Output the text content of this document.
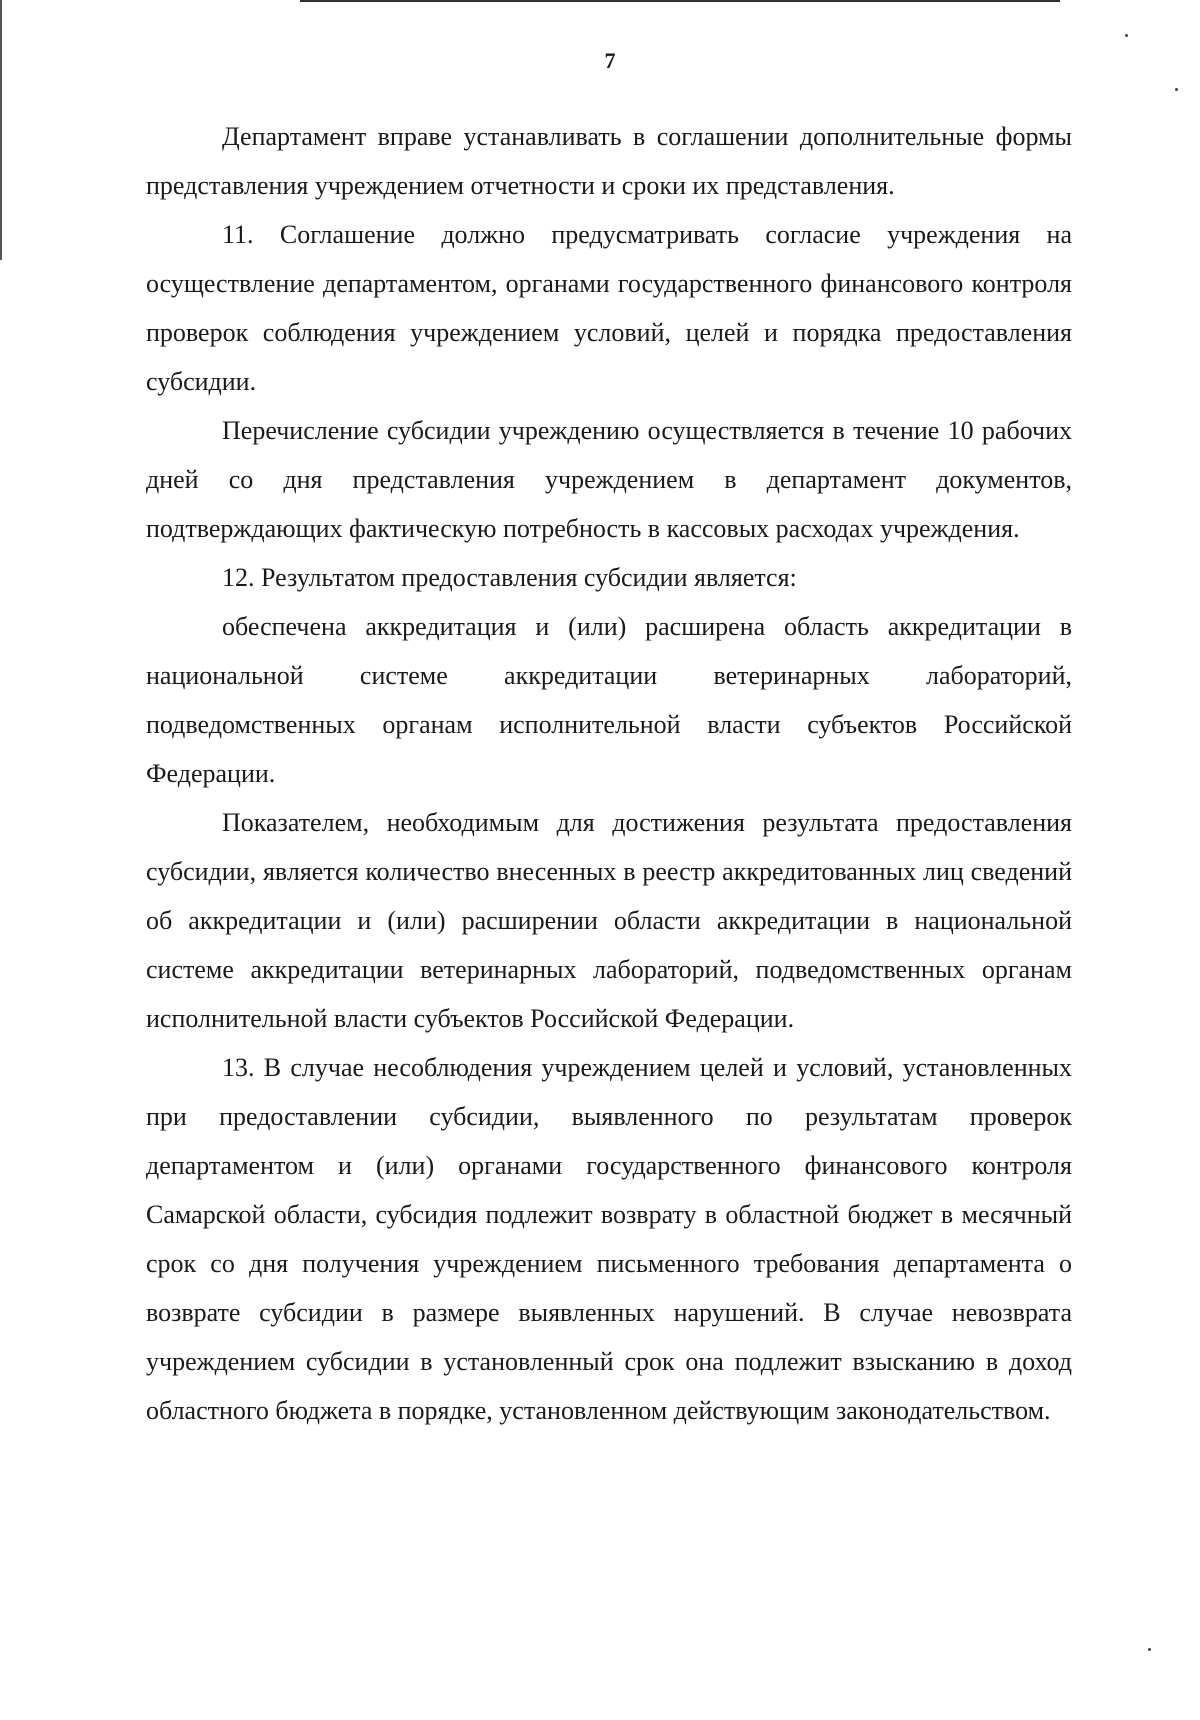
7

Департамент вправе устанавливать в соглашении дополнительные формы представления учреждением отчетности и сроки их представления.

11. Соглашение должно предусматривать согласие учреждения на осуществление департаментом, органами государственного финансового контроля проверок соблюдения учреждением условий, целей и порядка предоставления субсидии.

Перечисление субсидии учреждению осуществляется в течение 10 рабочих дней со дня представления учреждением в департамент документов, подтверждающих фактическую потребность в кассовых расходах учреждения.

12. Результатом предоставления субсидии является:

обеспечена аккредитация и (или) расширена область аккредитации в национальной системе аккредитации ветеринарных лабораторий, подведомственных органам исполнительной власти субъектов Российской Федерации.

Показателем, необходимым для достижения результата предоставления субсидии, является количество внесенных в реестр аккредитованных лиц сведений об аккредитации и (или) расширении области аккредитации в национальной системе аккредитации ветеринарных лабораторий, подведомственных органам исполнительной власти субъектов Российской Федерации.

13. В случае несоблюдения учреждением целей и условий, установленных при предоставлении субсидии, выявленного по результатам проверок департаментом и (или) органами государственного финансового контроля Самарской области, субсидия подлежит возврату в областной бюджет в месячный срок со дня получения учреждением письменного требования департамента о возврате субсидии в размере выявленных нарушений. В случае невозврата учреждением субсидии в установленный срок она подлежит взысканию в доход областного бюджета в порядке, установленном действующим законодательством.
